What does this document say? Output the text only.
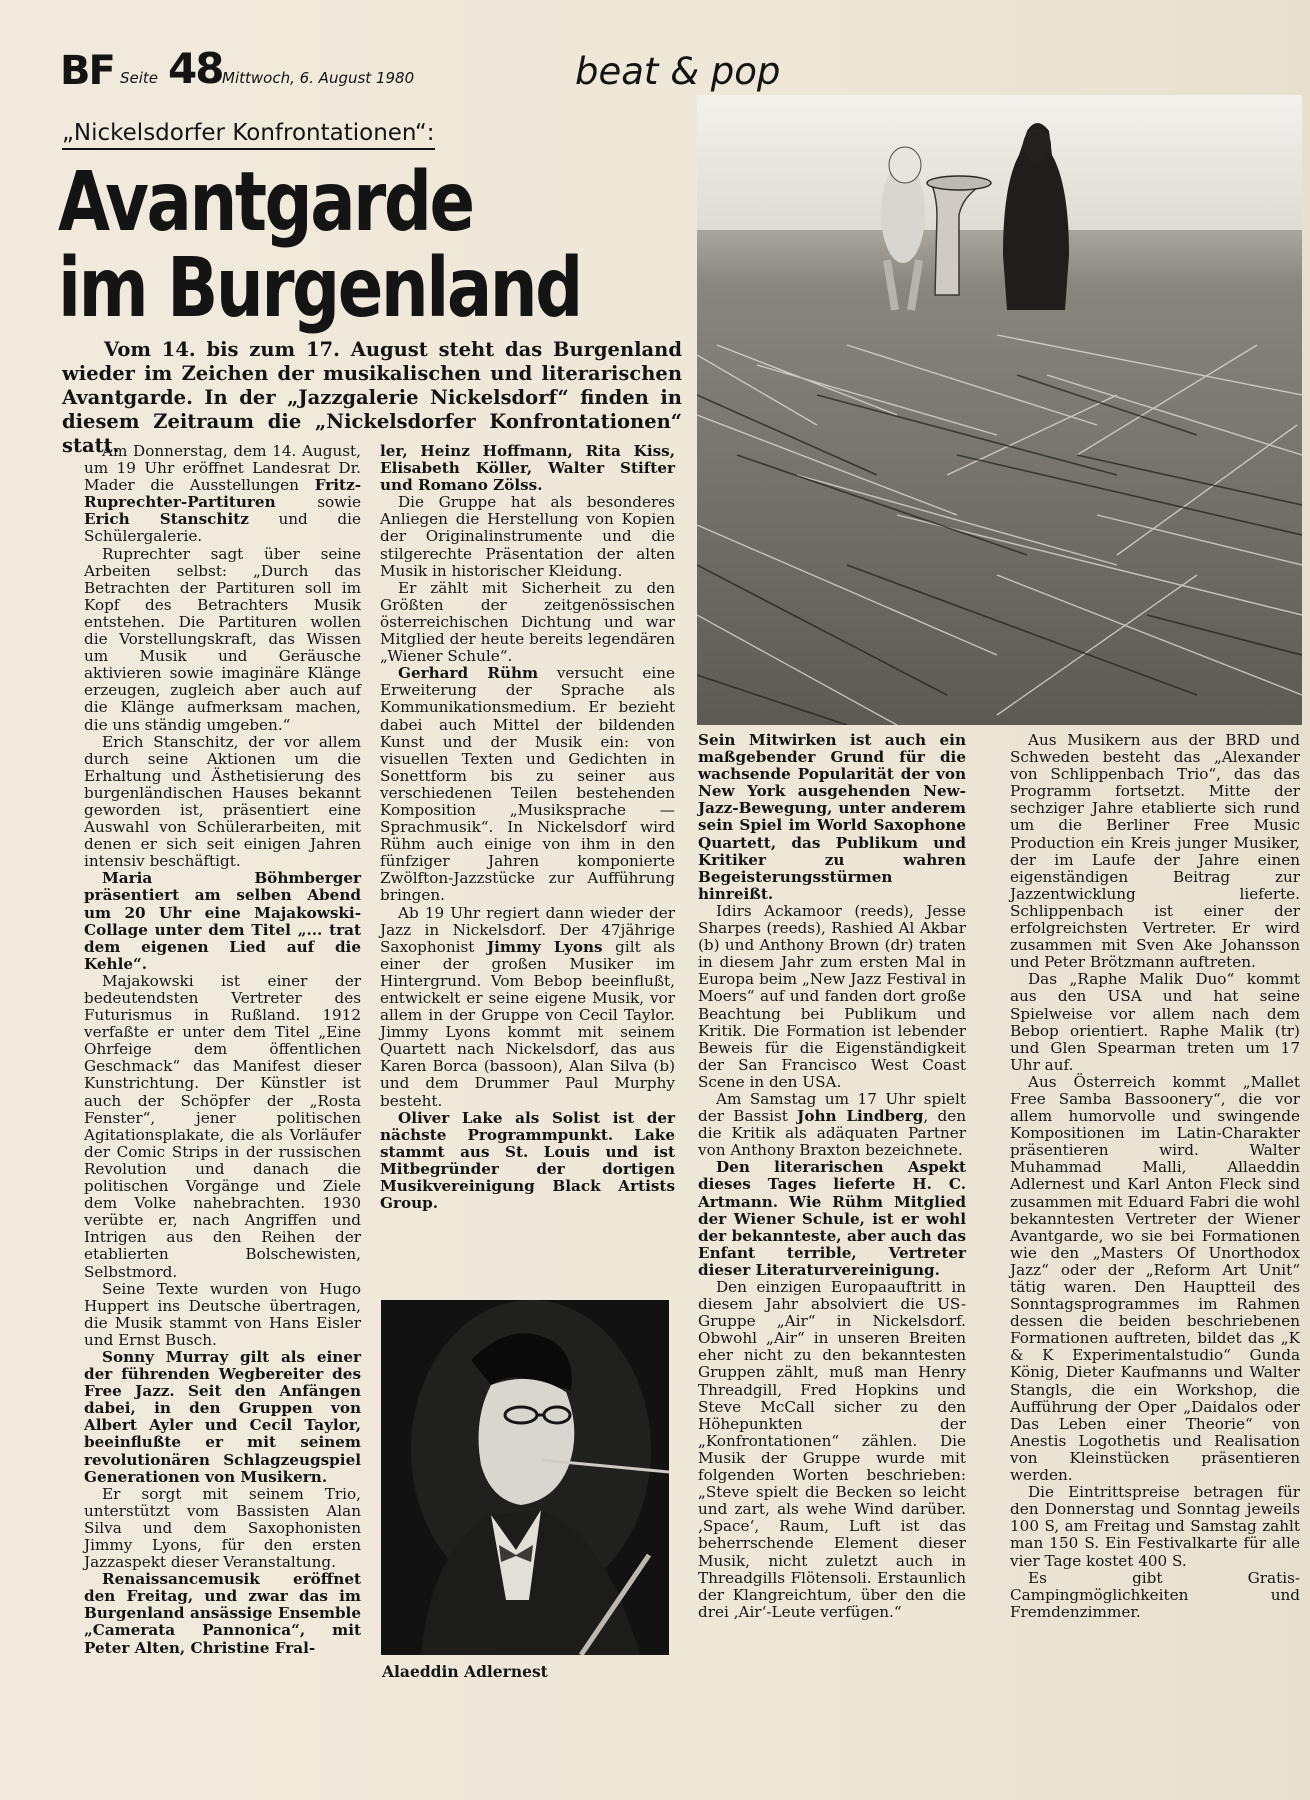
BF Seite 48 Mittwoch, 6. August 1980	beat & pop
„Nickelsdorfer Konfrontationen“:
Avantgarde
im Burgenland

Vom 14. bis zum 17. August steht das Burgenland wieder im Zeichen der musikalischen und literarischen Avantgarde. In der „Jazzgalerie Nickelsdorf“ finden in diesem Zeitraum die „Nickelsdorfer Konfrontationen“ statt.

Am Donnerstag, dem 14. August, um 19 Uhr eröffnet Landesrat Dr. Mader die Ausstellungen Fritz-Ruprechter-Partituren sowie Erich Stanschitz und die Schülergalerie.

Ruprechter sagt über seine Arbeiten selbst: „Durch das Betrachten der Partituren soll im Kopf des Betrachters Musik entstehen. Die Partituren wollen die Vorstellungskraft, das Wissen um Musik und Geräusche aktivieren sowie imaginäre Klänge erzeugen, zugleich aber auch auf die Klänge aufmerksam machen, die uns ständig umgeben.“

Erich Stanschitz, der vor allem durch seine Aktionen um die Erhaltung und Ästhetisierung des burgenländischen Hauses bekannt geworden ist, präsentiert eine Auswahl von Schülerarbeiten, mit denen er sich seit einigen Jahren intensiv beschäftigt.

Maria Böhmberger präsentiert am selben Abend um 20 Uhr eine Majakowski-Collage unter dem Titel „... trat dem eigenen Lied auf die Kehle“.

Majakowski ist einer der bedeutendsten Vertreter des Futurismus in Rußland. 1912 verfaßte er unter dem Titel „Eine Ohrfeige dem öffentlichen Geschmack“ das Manifest dieser Kunstrichtung. Der Künstler ist auch der Schöpfer der „Rosta Fenster“, jener politischen Agitationsplakate, die als Vorläufer der Comic Strips in der russischen Revolution und danach die politischen Vorgänge und Ziele dem Volke nahebrachten. 1930 verübte er, nach Angriffen und Intrigen aus den Reihen der etablierten Bolschewisten, Selbstmord.

Seine Texte wurden von Hugo Huppert ins Deutsche übertragen, die Musik stammt von Hans Eisler und Ernst Busch.

Sonny Murray gilt als einer der führenden Wegbereiter des Free Jazz. Seit den Anfängen dabei, in den Gruppen von Albert Ayler und Cecil Taylor, beeinflußte er mit seinem revolutionären Schlagzeugspiel Generationen von Musikern.

Er sorgt mit seinem Trio, unterstützt vom Bassisten Alan Silva und dem Saxophonisten Jimmy Lyons, für den ersten Jazzaspekt dieser Veranstaltung.

Renaissancemusik eröffnet den Freitag, und zwar das im Burgenland ansässige Ensemble „Camerata Pannonica“, mit Peter Alten, Christine Fral-

ler, Heinz Hoffmann, Rita Kiss, Elisabeth Köller, Walter Stifter und Romano Zölss.

Die Gruppe hat als besonderes Anliegen die Herstellung von Kopien der Originalinstrumente und die stilgerechte Präsentation der alten Musik in historischer Kleidung.

Er zählt mit Sicherheit zu den Größten der zeitgenössischen österreichischen Dichtung und war Mitglied der heute bereits legendären „Wiener Schule“.

Gerhard Rühm versucht eine Erweiterung der Sprache als Kommunikationsmedium. Er bezieht dabei auch Mittel der bildenden Kunst und der Musik ein: von visuellen Texten und Gedichten in Sonettform bis zu seiner aus verschiedenen Teilen bestehenden Komposition „Musiksprache — Sprachmusik“. In Nickelsdorf wird Rühm auch einige von ihm in den fünfziger Jahren komponierte Zwölfton-Jazzstücke zur Aufführung bringen.

Ab 19 Uhr regiert dann wieder der Jazz in Nickelsdorf. Der 47jährige Saxophonist Jimmy Lyons gilt als einer der großen Musiker im Hintergrund. Vom Bebop beeinflußt, entwickelt er seine eigene Musik, vor allem in der Gruppe von Cecil Taylor. Jimmy Lyons kommt mit seinem Quartett nach Nickelsdorf, das aus Karen Borca (bassoon), Alan Silva (b) und dem Drummer Paul Murphy besteht.

Oliver Lake als Solist ist der nächste Programmpunkt. Lake stammt aus St. Louis und ist Mitbegründer der dortigen Musikvereinigung Black Artists Group.

Alaeddin Adlernest

Sein Mitwirken ist auch ein maßgebender Grund für die wachsende Popularität der von New York ausgehenden New-Jazz-Bewegung, unter anderem sein Spiel im World Saxophone Quartett, das Publikum und Kritiker zu wahren Begeisterungsstürmen hinreißt.

Idirs Ackamoor (reeds), Jesse Sharpes (reeds), Rashied Al Akbar (b) und Anthony Brown (dr) traten in diesem Jahr zum ersten Mal in Europa beim „New Jazz Festival in Moers“ auf und fanden dort große Beachtung bei Publikum und Kritik. Die Formation ist lebender Beweis für die Eigenständigkeit der San Francisco West Coast Scene in den USA.

Am Samstag um 17 Uhr spielt der Bassist John Lindberg, den die Kritik als adäquaten Partner von Anthony Braxton bezeichnete.

Den literarischen Aspekt dieses Tages lieferte H. C. Artmann. Wie Rühm Mitglied der Wiener Schule, ist er wohl der bekannteste, aber auch das Enfant terrible, Vertreter dieser Literaturvereinigung.

Den einzigen Europaauftritt in diesem Jahr absolviert die US-Gruppe „Air“ in Nickelsdorf. Obwohl „Air“ in unseren Breiten eher nicht zu den bekanntesten Gruppen zählt, muß man Henry Threadgill, Fred Hopkins und Steve McCall sicher zu den Höhepunkten der „Konfrontationen“ zählen. Die Musik der Gruppe wurde mit folgenden Worten beschrieben: „Steve spielt die Becken so leicht und zart, als wehe Wind darüber. ‚Space‘, Raum, Luft ist das beherrschende Element dieser Musik, nicht zuletzt auch in Threadgills Flötensoli. Erstaunlich der Klangreichtum, über den die drei ‚Air‘-Leute verfügen.“

Aus Musikern aus der BRD und Schweden besteht das „Alexander von Schlippenbach Trio“, das das Programm fortsetzt. Mitte der sechziger Jahre etablierte sich rund um die Berliner Free Music Production ein Kreis junger Musiker, der im Laufe der Jahre einen eigenständigen Beitrag zur Jazzentwicklung lieferte. Schlippenbach ist einer der erfolgreichsten Vertreter. Er wird zusammen mit Sven Ake Johansson und Peter Brötzmann auftreten.

Das „Raphe Malik Duo“ kommt aus den USA und hat seine Spielweise vor allem nach dem Bebop orientiert. Raphe Malik (tr) und Glen Spearman treten um 17 Uhr auf.

Aus Österreich kommt „Mallet Free Samba Bassoonery“, die vor allem humorvolle und swingende Kompositionen im Latin-Charakter präsentieren wird. Walter Muhammad Malli, Allaeddin Adlernest und Karl Anton Fleck sind zusammen mit Eduard Fabri die wohl bekanntesten Vertreter der Wiener Avantgarde, wo sie bei Formationen wie den „Masters Of Unorthodox Jazz“ oder der „Reform Art Unit“ tätig waren. Den Hauptteil des Sonntagsprogrammes im Rahmen dessen die beiden beschriebenen Formationen auftreten, bildet das „K & K Experimentalstudio“ Gunda König, Dieter Kaufmanns und Walter Stangls, die ein Workshop, die Aufführung der Oper „Daidalos oder Das Leben einer Theorie“ von Anestis Logothetis und Realisation von Kleinstücken präsentieren werden.

Die Eintrittspreise betragen für den Donnerstag und Sonntag jeweils 100 S, am Freitag und Samstag zahlt man 150 S. Ein Festivalkarte für alle vier Tage kostet 400 S.

Es gibt Gratis-Campingmöglichkeiten und Fremdenzimmer.
